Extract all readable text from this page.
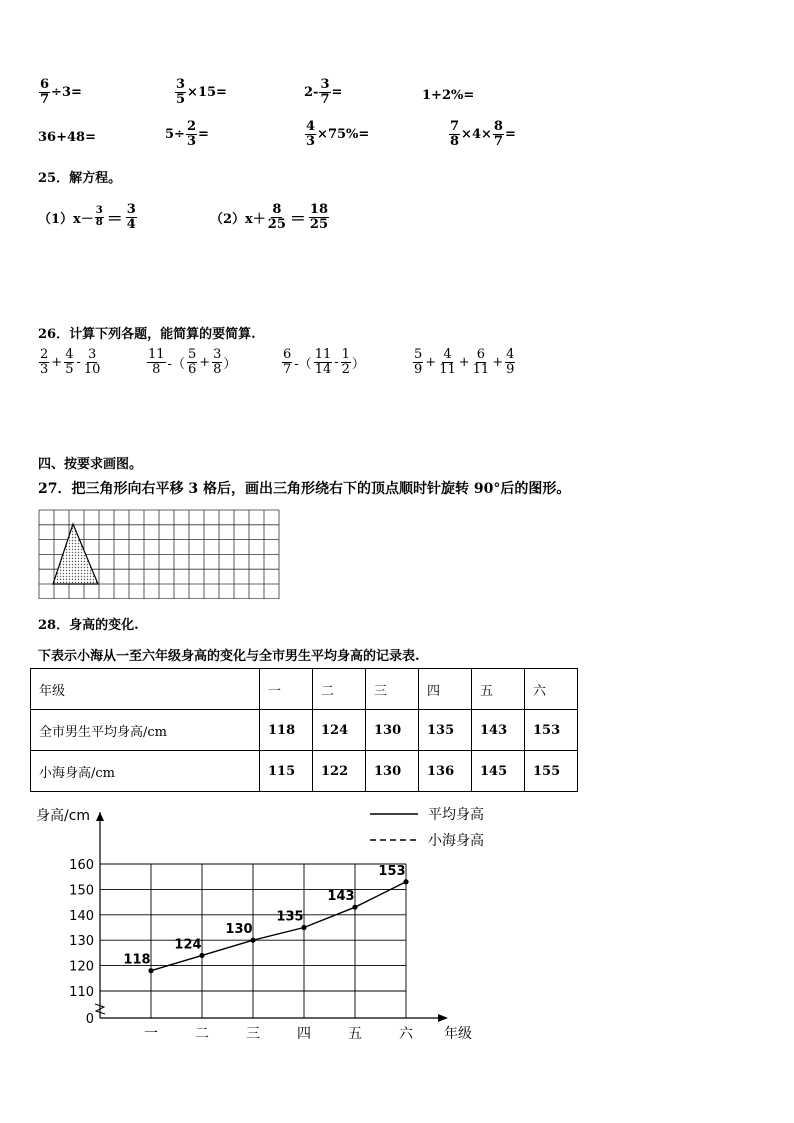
$\frac{6}{7} \div 3=$	$\frac{3}{5} \times 15=$	$2- \frac{3}{7}$ =	1+2%=
36+48=	$5\div \frac{2}{3}$ =	$\frac{4}{3} \times 75\%=$	$\frac{7}{8} \times 4\times \frac{8}{7}$ =
25．解方程。
$(1)x- \frac{3}{8} = \frac{3}{4}$	$(2)x+ \frac{8}{25} = \frac{18}{25}$
26．计算下列各题，能简算的要简算.
$\frac{2}{3} + \frac{4}{5} - \frac{3}{10}$	$\frac{11}{8}$ -（ $\frac{5}{6} + \frac{3}{8}$ ）	$\frac{6}{7}$ -（ $\frac{11}{14} - \frac{1}{2}$ ）	$\frac{5}{9} + \frac{4}{11} + \frac{6}{11} + \frac{4}{9}$
四、按要求画图。
27．把三角形向右平移 3 格后，画出三角形绕右下的顶点顺时针旋转 90°后的图形。
28．身高的变化.
下表示小海从一至六年级身高的变化与全市男生平均身高的记录表.
年级	一	二	三	四	五	六
全市男生平均身高/cm	118	124	130	135	143	153
小海身高/cm	115	122	130	136	145	155
身高/cm
年级
平均身高
小海身高
0
110
120
130
140
150
160
一	二	三	四	五	六
118
124
130
135
143
153
